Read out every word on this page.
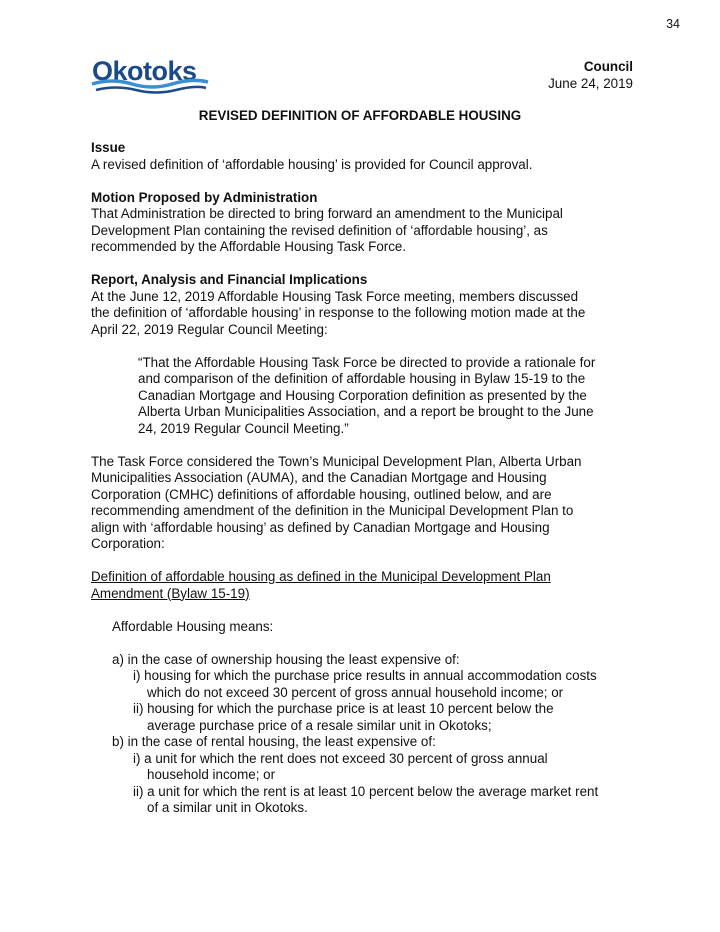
34
Okotoks	Council
June 24, 2019
REVISED DEFINITION OF AFFORDABLE HOUSING

Issue

A revised definition of ‘affordable housing’ is provided for Council approval.

Motion Proposed by Administration

That Administration be directed to bring forward an amendment to the Municipal

Development Plan containing the revised definition of ‘affordable housing’, as

recommended by the Affordable Housing Task Force.

Report, Analysis and Financial Implications

At the June 12, 2019 Affordable Housing Task Force meeting, members discussed

the definition of ‘affordable housing’ in response to the following motion made at the

April 22, 2019 Regular Council Meeting:

“That the Affordable Housing Task Force be directed to provide a rationale for

and comparison of the definition of affordable housing in Bylaw 15-19 to the

Canadian Mortgage and Housing Corporation definition as presented by the

Alberta Urban Municipalities Association, and a report be brought to the June

24, 2019 Regular Council Meeting.”

The Task Force considered the Town’s Municipal Development Plan, Alberta Urban

Municipalities Association (AUMA), and the Canadian Mortgage and Housing

Corporation (CMHC) definitions of affordable housing, outlined below, and are

recommending amendment of the definition in the Municipal Development Plan to

align with ‘affordable housing’ as defined by Canadian Mortgage and Housing

Corporation:

Definition of affordable housing as defined in the Municipal Development Plan

Amendment (Bylaw 15-19)

Affordable Housing means:

a) in the case of ownership housing the least expensive of:

i) housing for which the purchase price results in annual accommodation costs

which do not exceed 30 percent of gross annual household income; or

ii) housing for which the purchase price is at least 10 percent below the

average purchase price of a resale similar unit in Okotoks;

b) in the case of rental housing, the least expensive of:

i) a unit for which the rent does not exceed 30 percent of gross annual

household income; or

ii) a unit for which the rent is at least 10 percent below the average market rent

of a similar unit in Okotoks.
